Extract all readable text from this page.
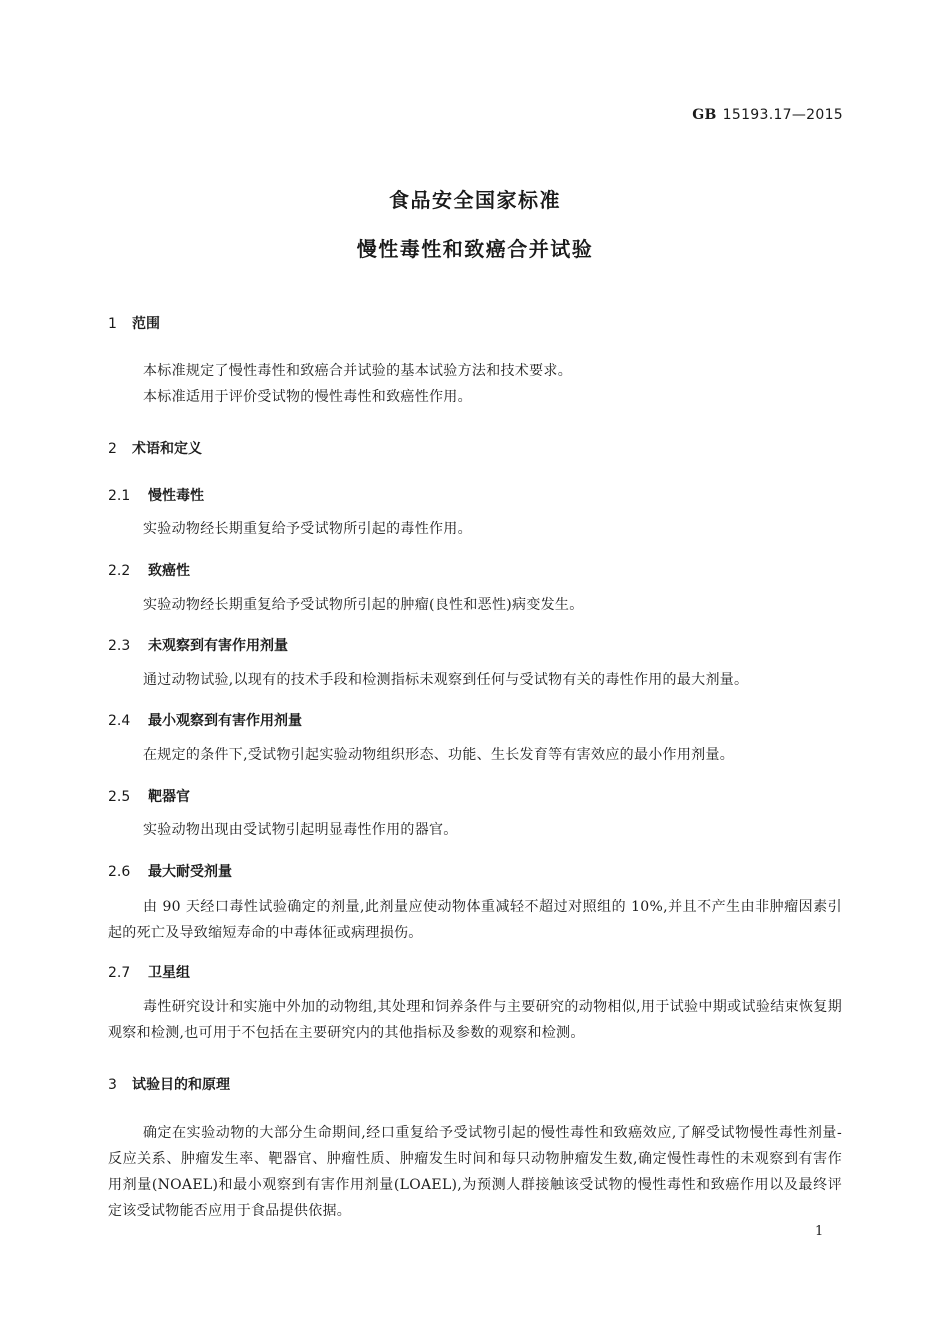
GB 15193.17—2015
食品安全国家标准
慢性毒性和致癌合并试验
1 范围

本标准规定了慢性毒性和致癌合并试验的基本试验方法和技术要求。

本标准适用于评价受试物的慢性毒性和致癌性作用。

2 术语和定义
2.1 慢性毒性

实验动物经长期重复给予受试物所引起的毒性作用。

2.2 致癌性

实验动物经长期重复给予受试物所引起的肿瘤(良性和恶性)病变发生。

2.3 未观察到有害作用剂量

通过动物试验,以现有的技术手段和检测指标未观察到任何与受试物有关的毒性作用的最大剂量。

2.4 最小观察到有害作用剂量

在规定的条件下,受试物引起实验动物组织形态、功能、生长发育等有害效应的最小作用剂量。

2.5 靶器官

实验动物出现由受试物引起明显毒性作用的器官。

2.6 最大耐受剂量

由 90 天经口毒性试验确定的剂量,此剂量应使动物体重减轻不超过对照组的 10%,并且不产生由非肿瘤因素引起的死亡及导致缩短寿命的中毒体征或病理损伤。

2.7 卫星组

毒性研究设计和实施中外加的动物组,其处理和饲养条件与主要研究的动物相似,用于试验中期或试验结束恢复期观察和检测,也可用于不包括在主要研究内的其他指标及参数的观察和检测。

3 试验目的和原理

确定在实验动物的大部分生命期间,经口重复给予受试物引起的慢性毒性和致癌效应,了解受试物慢性毒性剂量-反应关系、肿瘤发生率、靶器官、肿瘤性质、肿瘤发生时间和每只动物肿瘤发生数,确定慢性毒性的未观察到有害作用剂量(NOAEL)和最小观察到有害作用剂量(LOAEL),为预测人群接触该受试物的慢性毒性和致癌作用以及最终评定该受试物能否应用于食品提供依据。

1
